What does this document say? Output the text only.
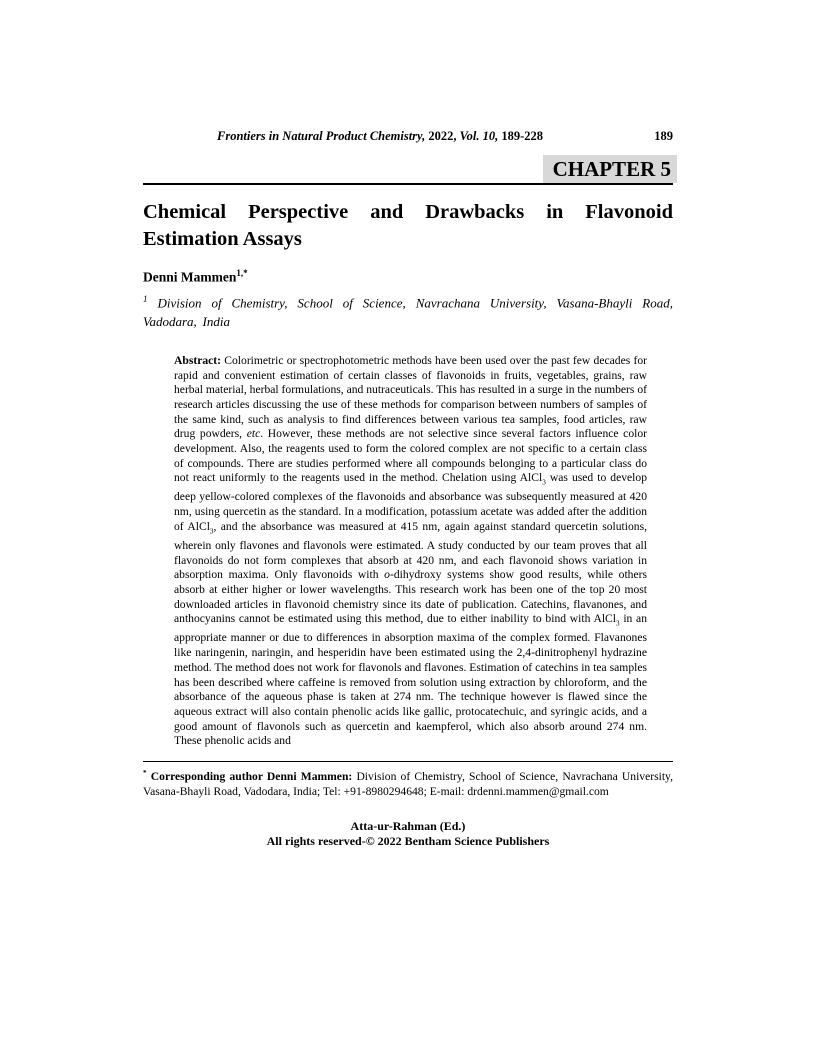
Frontiers in Natural Product Chemistry, 2022, Vol. 10, 189-228	189
CHAPTER 5
Chemical Perspective and Drawbacks in Flavonoid Estimation Assays
Denni Mammen$^{1,*}$
$^1$ Division of Chemistry, School of Science, Navrachana University, Vasana-Bhayli Road, Vadodara, India
Abstract: Colorimetric or spectrophotometric methods have been used over the past few decades for rapid and convenient estimation of certain classes of flavonoids in fruits, vegetables, grains, raw herbal material, herbal formulations, and nutraceuticals. This has resulted in a surge in the numbers of research articles discussing the use of these methods for comparison between numbers of samples of the same kind, such as analysis to find differences between various tea samples, food articles, raw drug powders, etc. However, these methods are not selective since several factors influence color development. Also, the reagents used to form the colored complex are not specific to a certain class of compounds. There are studies performed where all compounds belonging to a particular class do not react uniformly to the reagents used in the method. Chelation using AlCl$_3$ was used to develop deep yellow-colored complexes of the flavonoids and absorbance was subsequently measured at 420 nm, using quercetin as the standard. In a modification, potassium acetate was added after the addition of AlCl$_3$, and the absorbance was measured at 415 nm, again against standard quercetin solutions, wherein only flavones and flavonols were estimated. A study conducted by our team proves that all flavonoids do not form complexes that absorb at 420 nm, and each flavonoid shows variation in absorption maxima. Only flavonoids with o-dihydroxy systems show good results, while others absorb at either higher or lower wavelengths. This research work has been one of the top 20 most downloaded articles in flavonoid chemistry since its date of publication. Catechins, flavanones, and anthocyanins cannot be estimated using this method, due to either inability to bind with AlCl$_3$ in an appropriate manner or due to differences in absorption maxima of the complex formed. Flavanones like naringenin, naringin, and hesperidin have been estimated using the 2,4-dinitrophenyl hydrazine method. The method does not work for flavonols and flavones. Estimation of catechins in tea samples has been described where caffeine is removed from solution using extraction by chloroform, and the absorbance of the aqueous phase is taken at 274 nm. The technique however is flawed since the aqueous extract will also contain phenolic acids like gallic, protocatechuic, and syringic acids, and a good amount of flavonols such as quercetin and kaempferol, which also absorb around 274 nm. These phenolic acids and
* Corresponding author Denni Mammen: Division of Chemistry, School of Science, Navrachana University, Vasana-Bhayli Road, Vadodara, India; Tel: +91-8980294648; E-mail: drdenni.mammen@gmail.com
Atta-ur-Rahman (Ed.)
All rights reserved-© 2022 Bentham Science Publishers
